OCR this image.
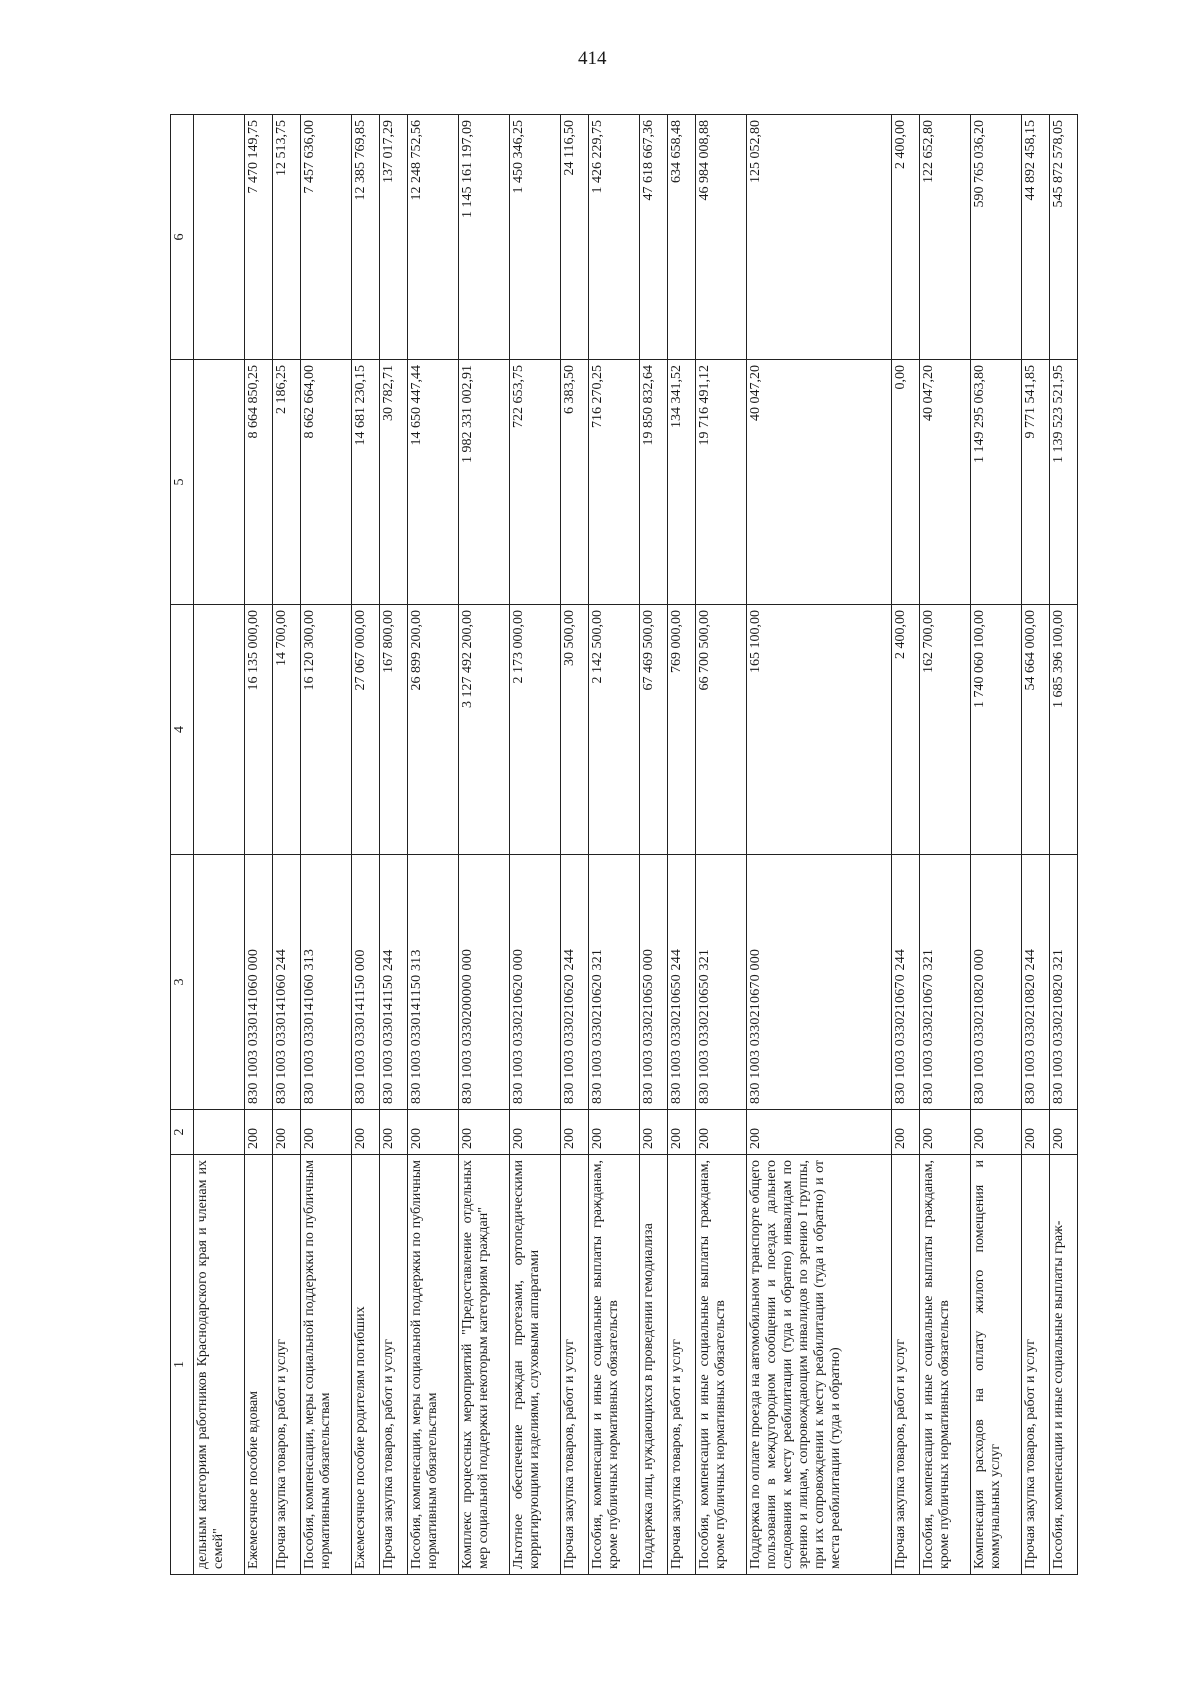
414
1	2	3	4	5	6
дельным категориям работников Краснодарского края и членам их семей"					
Ежемесячное пособие вдовам	200	830 1003 0330141060 000	16 135 000,00	8 664 850,25	7 470 149,75
Прочая закупка товаров, работ и услуг	200	830 1003 0330141060 244	14 700,00	2 186,25	12 513,75
Пособия, компенсации, меры социальной поддержки по публичным нормативным обязательствам	200	830 1003 0330141060 313	16 120 300,00	8 662 664,00	7 457 636,00
Ежемесячное пособие родителям погибших	200	830 1003 0330141150 000	27 067 000,00	14 681 230,15	12 385 769,85
Прочая закупка товаров, работ и услуг	200	830 1003 0330141150 244	167 800,00	30 782,71	137 017,29
Пособия, компенсации, меры социальной поддержки по публичным нормативным обязательствам	200	830 1003 0330141150 313	26 899 200,00	14 650 447,44	12 248 752,56
Комплекс процессных мероприятий "Предоставление отдельных мер социальной поддержки некоторым категориям граждан"	200	830 1003 0330200000 000	3 127 492 200,00	1 982 331 002,91	1 145 161 197,09
Льготное обеспечение граждан протезами, ортопедическими корригирующими изделиями, слуховыми аппаратами	200	830 1003 0330210620 000	2 173 000,00	722 653,75	1 450 346,25
Прочая закупка товаров, работ и услуг	200	830 1003 0330210620 244	30 500,00	6 383,50	24 116,50
Пособия, компенсации и иные социальные выплаты гражданам, кроме публичных нормативных обязательств	200	830 1003 0330210620 321	2 142 500,00	716 270,25	1 426 229,75
Поддержка лиц, нуждающихся в проведении гемодиализа	200	830 1003 0330210650 000	67 469 500,00	19 850 832,64	47 618 667,36
Прочая закупка товаров, работ и услуг	200	830 1003 0330210650 244	769 000,00	134 341,52	634 658,48
Пособия, компенсации и иные социальные выплаты гражданам, кроме публичных нормативных обязательств	200	830 1003 0330210650 321	66 700 500,00	19 716 491,12	46 984 008,88
Поддержка по оплате проезда на автомобильном транспорте общего пользования в междугородном сообщении и поездах дальнего следования к месту реабилитации (туда и обратно) инвалидам по зрению и лицам, сопровождающим инвалидов по зрению I группы, при их сопровождении к месту реабилитации (туда и обратно) и от места реабилитации (туда и обратно)	200	830 1003 0330210670 000	165 100,00	40 047,20	125 052,80
Прочая закупка товаров, работ и услуг	200	830 1003 0330210670 244	2 400,00	0,00	2 400,00
Пособия, компенсации и иные социальные выплаты гражданам, кроме публичных нормативных обязательств	200	830 1003 0330210670 321	162 700,00	40 047,20	122 652,80
Компенсация расходов на оплату жилого помещения и коммунальных услуг	200	830 1003 0330210820 000	1 740 060 100,00	1 149 295 063,80	590 765 036,20
Прочая закупка товаров, работ и услуг	200	830 1003 0330210820 244	54 664 000,00	9 771 541,85	44 892 458,15
Пособия, компенсации и иные социальные выплаты граж-	200	830 1003 0330210820 321	1 685 396 100,00	1 139 523 521,95	545 872 578,05
